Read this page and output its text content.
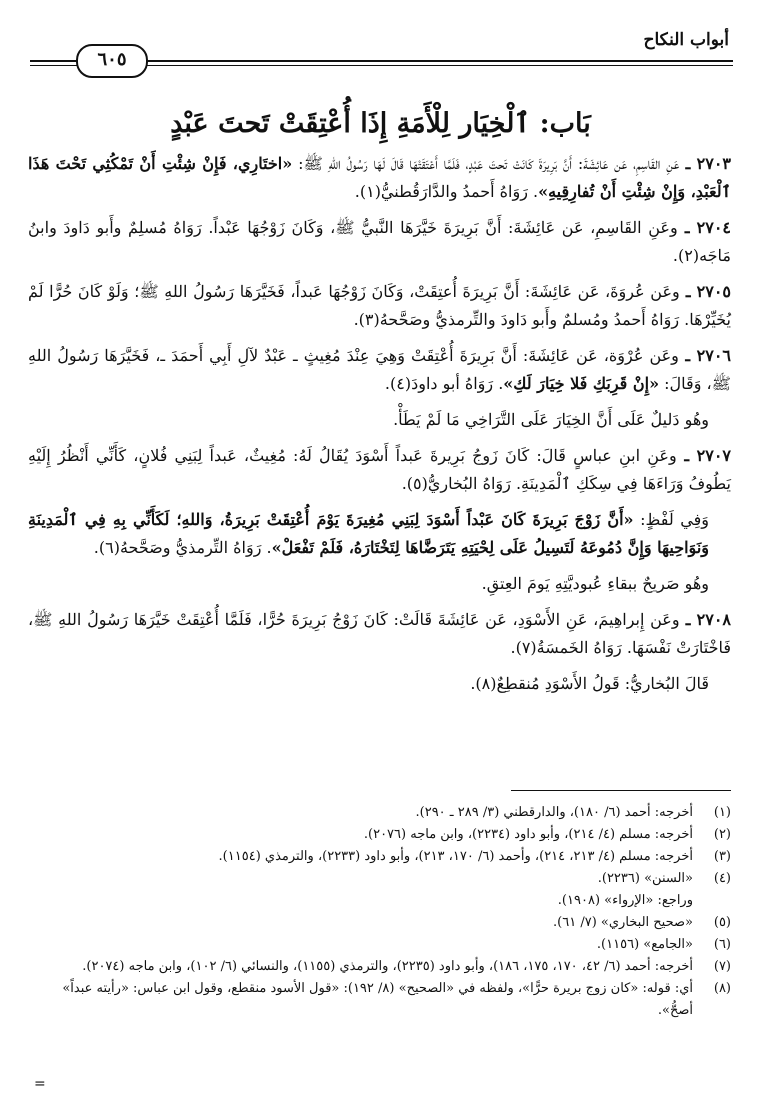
أبواب النكاح
٦٠٥
بَاب: ٱلْخِيَار لِلْأَمَةِ إِذَا أُعْتِقَتْ تَحتَ عَبْدٍ

٢٧٠٣ ـ عَنِ القَاسِمِ، عَن عَائِشَةَ: أَنَّ بَرِيرَةَ كَانَتْ تَحتَ عَبْدٍ، فَلَمَّا أَعْتَقَتْهَا قَالَ لَهَا رَسُولُ اللهِ ﷺ: «اختَارِي، فَإِنْ شِئْتِ أَنْ تَمْكُثِي تَحْتَ هَذَا ٱلْعَبْدِ، وَإِنْ شِئْتِ أَنْ تُفارِقِيهِ». رَوَاهُ أَحمدُ والدَّارَقُطنيُّ(١).

٢٧٠٤ ـ وعَنِ القَاسِمِ، عَن عَائِشَةَ: أَنَّ بَرِيرَةَ خَيَّرَهَا النَّبيُّ ﷺ، وَكَانَ زَوْجُهَا عَبْداً. رَوَاهُ مُسلِمٌ وأَبو دَاودَ وابنُ مَاجَه(٢).

٢٧٠٥ ـ وعَن عُروَةَ، عَن عَائِشَةَ: أَنَّ بَرِيرَةَ أُعتِقَتْ، وَكَانَ زَوْجُهَا عَبداً، فَخَيَّرَهَا رَسُولُ اللهِ ﷺ؛ وَلَوْ كَانَ حُرًّا لَمْ يُخَيِّرْهَا. رَوَاهُ أَحمدُ ومُسلمٌ وأَبو دَاودَ والتِّرمذيُّ وصَحَّحهُ(٣).

٢٧٠٦ ـ وعَن عُرْوَة، عَن عَائِشَةَ: أَنَّ بَرِيرَةَ أُعْتِقَتْ وَهِيَ عِنْدَ مُغِيثٍ ـ عَبْدٌ لآلِ أَبِي أَحمَدَ ـ، فَخَيَّرَهَا رَسُولُ اللهِ ﷺ، وَقَالَ: «إِنْ قَرِبَكِ فَلا خِيَارَ لَكِ». رَوَاهُ أبو داودَ(٤).

وهُو دَليلٌ عَلَى أَنَّ الخِيَارَ عَلَى التَّرَاخِي مَا لَمْ يَطَأْ.

٢٧٠٧ ـ وعَنِ ابنِ عباسٍ قَالَ: كَانَ زَوجُ بَرِيرةَ عَبداً أَسْوَدَ يُقَالُ لَهُ: مُغِيثٌ، عَبداً لِبَنِي فُلانٍ، كَأَنِّي أَنْظُرُ إِلَيْهِ يَطُوفُ وَرَاءَهَا فِي سِكَكِ ٱلْمَدِينَةِ. رَوَاهُ البُخاريُّ(٥).

وَفِي لَفْظٍ: «أَنَّ زَوْجَ بَرِيرَةَ كَانَ عَبْداً أَسْوَدَ لِبَنِي مُغِيرَةَ يَوْمَ أُعْتِقَتْ بَرِيرَةُ، وَاللهِ؛ لَكَأَنِّي بِهِ فِي ٱلْمَدِينَةِ وَنَوَاحِيهَا وَإِنَّ دُمُوعَهُ لَتَسِيلُ عَلَى لِحْيَتِهِ يَتَرَضَّاهَا لِتَخْتَارَهُ، فَلَمْ تَفْعَلْ». رَوَاهُ التِّرمذيُّ وصَحَّحهُ(٦).

وهُو صَريحٌ ببقاءِ عُبوديَّتِهِ يَومَ العِتقِ.

٢٧٠٨ ـ وعَن إِبراهِيمَ، عَنِ الأَسْوَدِ، عَن عَائِشَةَ قَالَتْ: كَانَ زَوْجُ بَرِيرَةَ حُرًّا، فَلَمَّا أُعْتِقَتْ خَيَّرَهَا رَسُولُ اللهِ ﷺ، فَاخْتَارَتْ نَفْسَهَا. رَوَاهُ الخَمسَةُ(٧).

قَالَ البُخاريُّ: قَولُ الأَسْوَدِ مُنقطِعٌ(٨).

(١)
أخرجه: أحمد (٦/ ١٨٠)، والدارقطني (٣/ ٢٨٩ ـ ٢٩٠).
(٢)
أخرجه: مسلم (٤/ ٢١٤)، وأبو داود (٢٢٣٤)، وابن ماجه (٢٠٧٦).
(٣)
أخرجه: مسلم (٤/ ٢١٣، ٢١٤)، وأحمد (٦/ ١٧٠، ٢١٣)، وأبو داود (٢٢٣٣)، والترمذي (١١٥٤).
(٤)
«السنن» (٢٢٣٦).
وراجع: «الإرواء» (١٩٠٨).
(٥)
«صحيح البخاري» (٧/ ٦١).
(٦)
«الجامع» (١١٥٦).
(٧)
أخرجه: أحمد (٦/ ٤٢، ١٧٠، ١٧٥، ١٨٦)، وأبو داود (٢٢٣٥)، والترمذي (١١٥٥)، والنسائي (٦/ ١٠٢)، وابن ماجه (٢٠٧٤).
(٨)
أي: قوله: «كان زوج بريرة حرًّا»، ولفظه في «الصحيح» (٨/ ١٩٢): «قول الأسود منقطع، وقول ابن عباس: «رأيته عبداً» أصحُّ».
=
